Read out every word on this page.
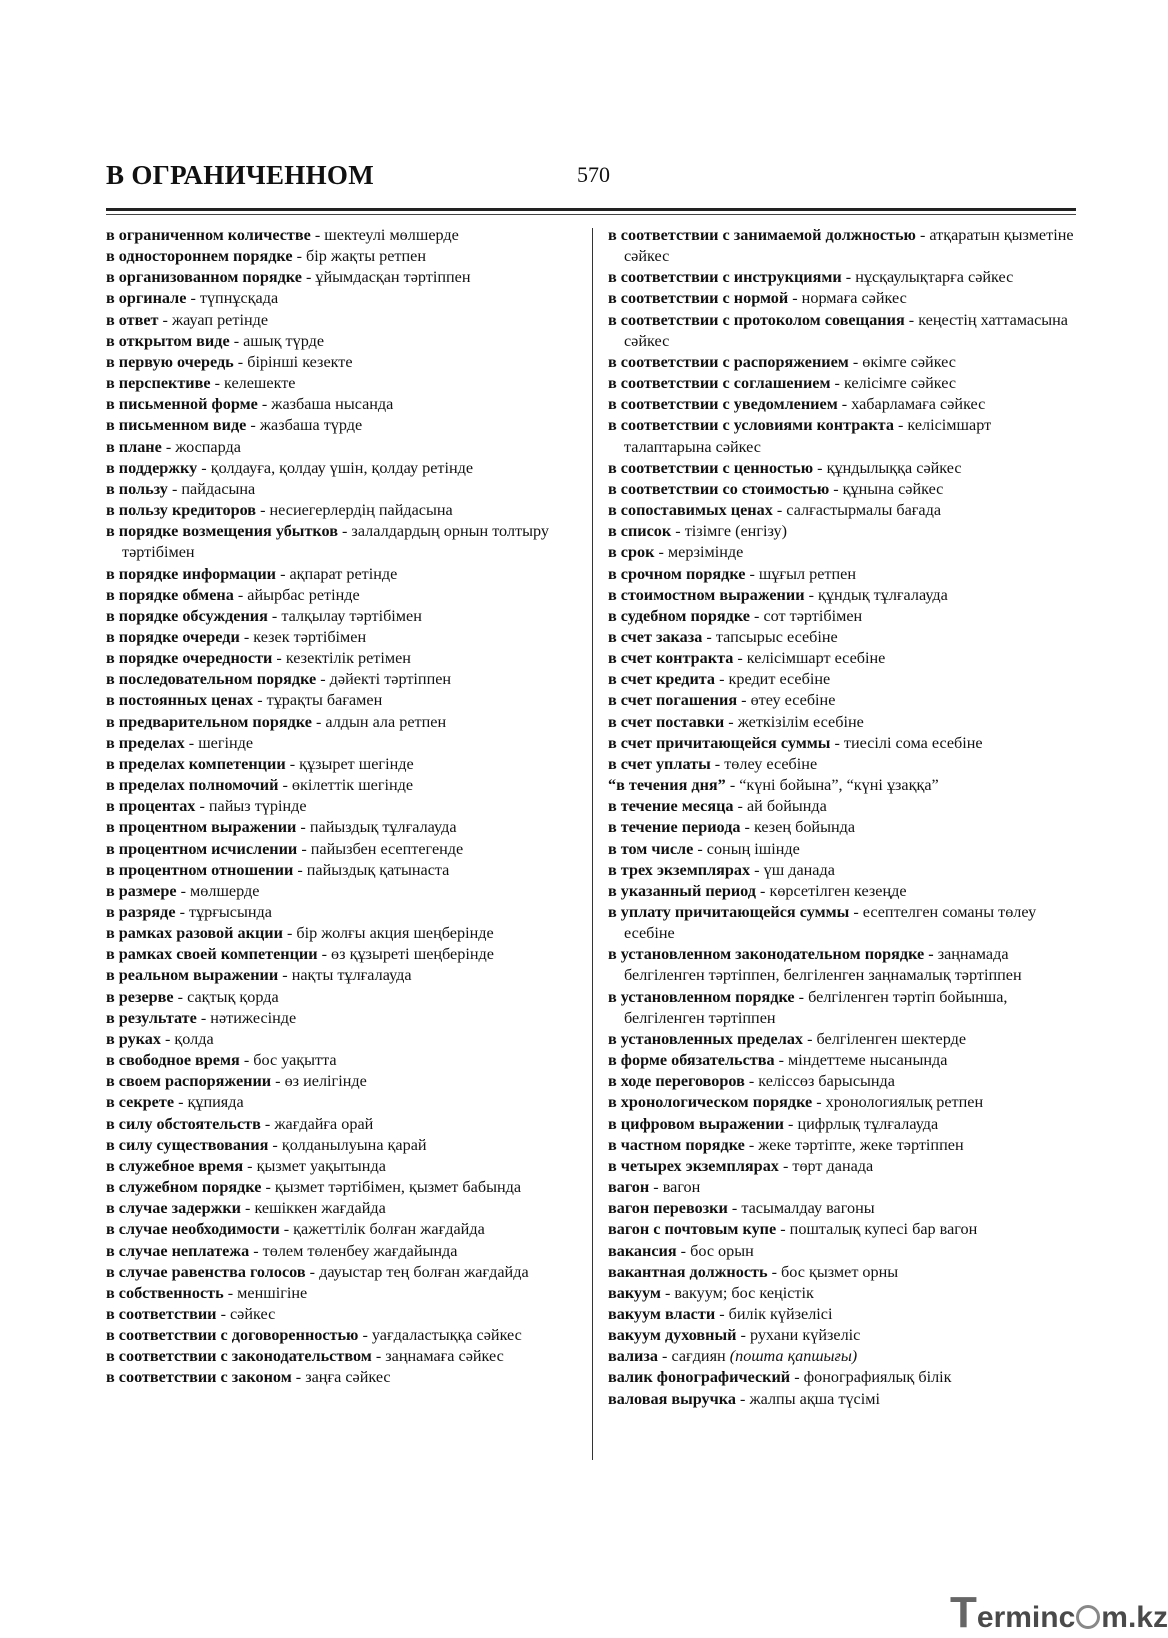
В ОГРАНИЧЕННОМ	570
в ограниченном количестве - шектеулі мөлшерде
в одностороннем порядке - бір жақты ретпен
в организованном порядке - ұйымдасқан тәртіппен
в оргинале - түпнұсқада
в ответ - жауап ретінде
в открытом виде - ашық түрде
в первую очередь - бірінші кезекте
в перспективе - келешекте
в письменной форме - жазбаша нысанда
в письменном виде - жазбаша түрде
в плане - жоспарда
в поддержку - қолдауға, қолдау үшін, қолдау ретінде
в пользу - пайдасына
в пользу кредиторов - несиегерлердің пайдасына
в порядке возмещения убытков - залалдардың орнын толтыру тәртібімен
в порядке информации - ақпарат ретінде
в порядке обмена - айырбас ретінде
в порядке обсуждения - талқылау тәртібімен
в порядке очереди - кезек тәртібімен
в порядке очередности - кезектілік ретімен
в последовательном порядке - дәйекті тәртіппен
в постоянных ценах - тұрақты бағамен
в предварительном порядке - алдын ала ретпен
в пределах - шегінде
в пределах компетенции - құзырет шегінде
в пределах полномочий - өкілеттік шегінде
в процентах - пайыз түрінде
в процентном выражении - пайыздық тұлғалауда
в процентном исчислении - пайызбен есептегенде
в процентном отношении - пайыздық қатынаста
в размере - мөлшерде
в разряде - тұрғысында
в рамках разовой акции - бір жолғы акция шеңберінде
в рамках своей компетенции - өз құзыреті шеңберінде
в реальном выражении - нақты тұлғалауда
в резерве - сақтық қорда
в результате - нәтижесінде
в руках - қолда
в свободное время - бос уақытта
в своем распоряжении - өз иелігінде
в секрете - құпияда
в силу обстоятельств - жағдайға орай
в силу существования - қолданылуына қарай
в служебное время - қызмет уақытында
в служебном порядке - қызмет тәртібімен, қызмет бабында
в случае задержки - кешіккен жағдайда
в случае необходимости - қажеттілік болған жағдайда
в случае неплатежа - төлем төленбеу жағдайында
в случае равенства голосов - дауыстар тең болған жағдайда
в собственность - меншігіне
в соответствии - сәйкес
в соответствии с договоренностью - уағдаластыққа сәйкес
в соответствии с законодательством - заңнамаға сәйкес
в соответствии с законом - заңға сәйкес
в соответствии с занимаемой должностью - атқаратын қызметіне сәйкес
в соответствии с инструкциями - нұсқаулықтарға сәйкес
в соответствии с нормой - нормаға сәйкес
в соответствии с протоколом совещания - кеңестің хаттамасына сәйкес
в соответствии с распоряжением - өкімге сәйкес
в соответствии с соглашением - келісімге сәйкес
в соответствии с уведомлением - хабарламаға сәйкес
в соответствии с условиями контракта - келісімшарт талаптарына сәйкес
в соответствии с ценностью - құндылыққа сәйкес
в соответствии со стоимостью - құнына сәйкес
в сопоставимых ценах - салғастырмалы бағада
в список - тізімге (енгізу)
в срок - мерзімінде
в срочном порядке - шұғыл ретпен
в стоимостном выражении - құндық тұлғалауда
в судебном порядке - сот тәртібімен
в счет заказа - тапсырыс есебіне
в счет контракта - келісімшарт есебіне
в счет кредита - кредит есебіне
в счет погашения - өтеу есебіне
в счет поставки - жеткізілім есебіне
в счет причитающейся суммы - тиесілі сома есебіне
в счет уплаты - төлеу есебіне
“в течения дня” - “күні бойына”, “күні ұзаққа”
в течение месяца - ай бойында
в течение периода - кезең бойында
в том числе - соның ішінде
в трех экземплярах - үш данада
в указанный период - көрсетілген кезеңде
в уплату причитающейся суммы - есептелген соманы төлеу есебіне
в установленном законодательном порядке - заңнамада белгіленген тәртіппен, белгіленген заңнамалық тәртіппен
в установленном порядке - белгіленген тәртіп бойынша, белгіленген тәртіппен
в установленных пределах - белгіленген шектерде
в форме обязательства - міндеттеме нысанында
в ходе переговоров - келіссөз барысында
в хронологическом порядке - хронологиялық ретпен
в цифровом выражении - цифрлық тұлғалауда
в частном порядке - жеке тәртіпте, жеке тәртіппен
в четырех экземплярах - төрт данада
вагон - вагон
вагон перевозки - тасымалдау вагоны
вагон с почтовым купе - пошталық купесі бар вагон
вакансия - бос орын
вакантная должность - бос қызмет орны
вакуум - вакуум; бос кеңістік
вакуум власти - билік күйзелісі
вакуум духовный - рухани күйзеліс
вализа - сағдиян (пошта қапшығы)
валик фонографический - фонографиялық білік
валовая выручка - жалпы ақша түсімі
T erminc m.kz
